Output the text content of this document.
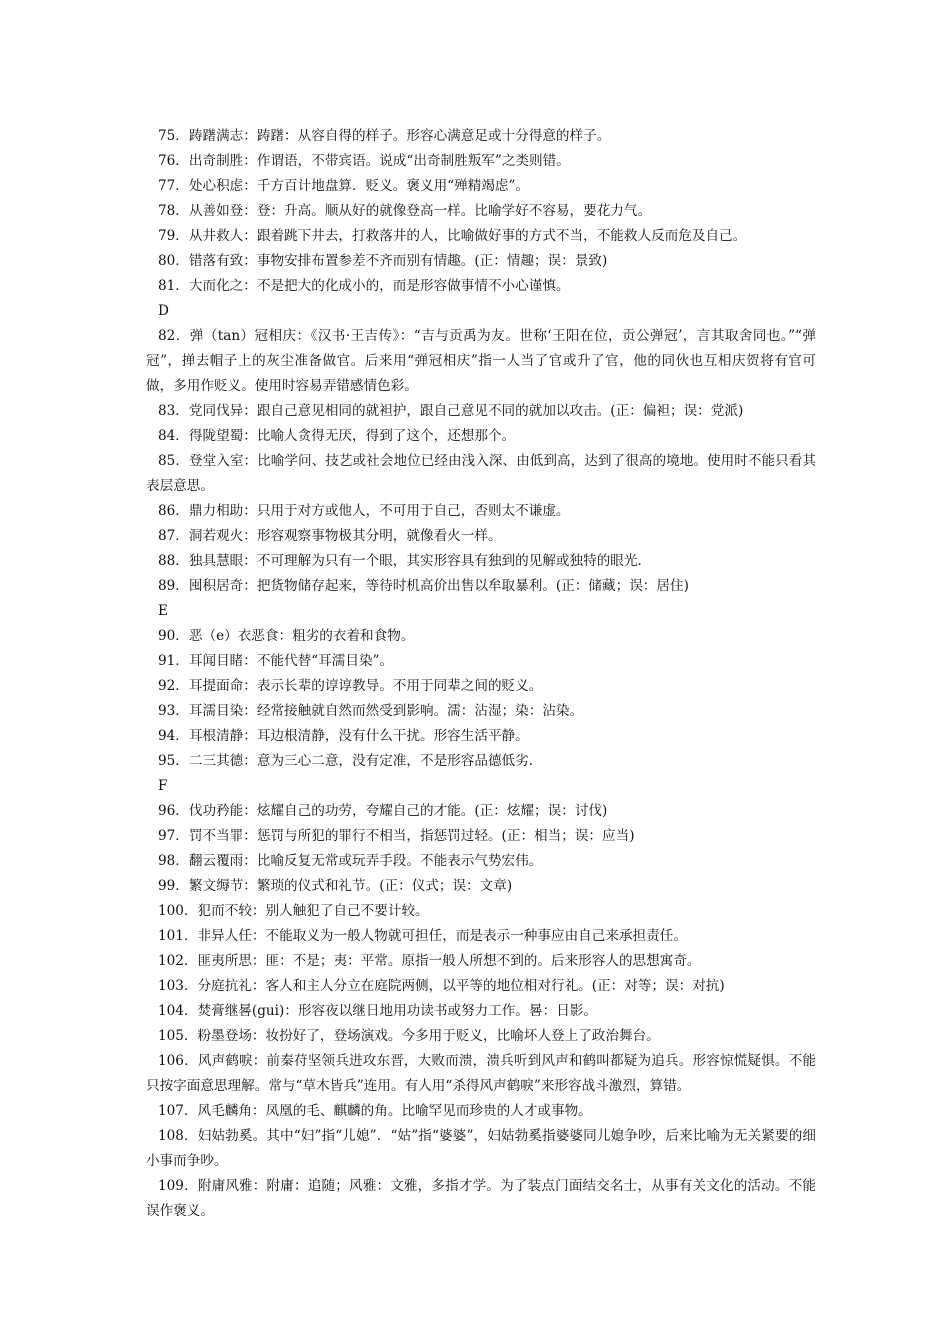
75．踌躇满志：踌躇：从容自得的样子。形容心满意足或十分得意的样子。

76．出奇制胜：作谓语，不带宾语。说成“出奇制胜叛军”之类则错。

77．处心积虑：千方百计地盘算．贬义。褒义用“殚精竭虑”。

78．从善如登：登：升高。顺从好的就像登高一样。比喻学好不容易，要花力气。

79．从井救人：跟着跳下井去，打救落井的人，比喻做好事的方式不当，不能救人反而危及自己。

80．错落有致：事物安排布置参差不齐而别有情趣。(正：情趣；误：景致)

81．大而化之：不是把大的化成小的，而是形容做事情不小心谨慎。

D

82．弹（tan）冠相庆：《汉书·王吉传》：“吉与贡禹为友。世称‘王阳在位，贡公弹冠’，言其取舍同也。”“弹冠”，掸去帽子上的灰尘准备做官。后来用“弹冠相庆”指一人当了官或升了官，他的同伙也互相庆贺将有官可做，多用作贬义。使用时容易弄错感情色彩。

83．党同伐异：跟自己意见相同的就袒护，跟自己意见不同的就加以攻击。(正：偏袒；误：党派)

84．得陇望蜀：比喻人贪得无厌，得到了这个，还想那个。

85．登堂入室：比喻学问、技艺或社会地位已经由浅入深、由低到高，达到了很高的境地。使用时不能只看其表层意思。

86．鼎力相助：只用于对方或他人，不可用于自己，否则太不谦虚。

87．洞若观火：形容观察事物极其分明，就像看火一样。

88．独具慧眼：不可理解为只有一个眼，其实形容具有独到的见解或独特的眼光．

89．囤积居奇：把货物储存起来，等待时机高价出售以牟取暴利。(正：储藏；误：居住)

E

90．恶（e）衣恶食：粗劣的衣着和食物。

91．耳闻目睹：不能代替“耳濡目染”。

92．耳提面命：表示长辈的谆谆教导。不用于同辈之间的贬义。

93．耳濡目染：经常接触就自然而然受到影响。濡：沾湿；染：沾染。

94．耳根清静：耳边根清静，没有什么干扰。形容生活平静。

95．二三其德：意为三心二意，没有定准，不是形容品德低劣．

F

96．伐功矜能：炫耀自己的功劳，夸耀自己的才能。(正：炫耀；误：讨伐)

97．罚不当罪：惩罚与所犯的罪行不相当，指惩罚过轻。(正：相当；误：应当)

98．翻云覆雨：比喻反复无常或玩弄手段。不能表示气势宏伟。

99．繁文缛节：繁琐的仪式和礼节。(正：仪式；误：文章)

100．犯而不较：别人触犯了自己不要计较。

101．非异人任：不能取义为一般人物就可担任，而是表示一种事应由自己来承担责任。

102．匪夷所思：匪：不是；夷：平常。原指一般人所想不到的。后来形容人的思想寓奇。

103．分庭抗礼：客人和主人分立在庭院两侧，以平等的地位相对行礼。(正：对等；误：对抗)

104．焚膏继晷(gui)：形容夜以继日地用功读书或努力工作。晷：日影。

105．粉墨登场：妆扮好了，登场演戏。今多用于贬义，比喻坏人登上了政治舞台。

106．风声鹤唳：前秦苻坚领兵进攻东晋，大败而溃，溃兵听到风声和鹤叫都疑为追兵。形容惊慌疑惧。不能只按字面意思理解。常与“草木皆兵”连用。有人用“杀得风声鹤唳”来形容战斗激烈，算错。

107．风毛麟角：凤凰的毛、麒麟的角。比喻罕见而珍贵的人才或事物。

108．妇姑勃奚。其中“妇”指“儿媳”．“姑”指“婆婆”，妇姑勃奚指婆婆同儿媳争吵，后来比喻为无关紧要的细小事而争吵。

109．附庸风雅：附庸：追随；风雅：文雅，多指才学。为了装点门面结交名士，从事有关文化的活动。不能误作褒义。
